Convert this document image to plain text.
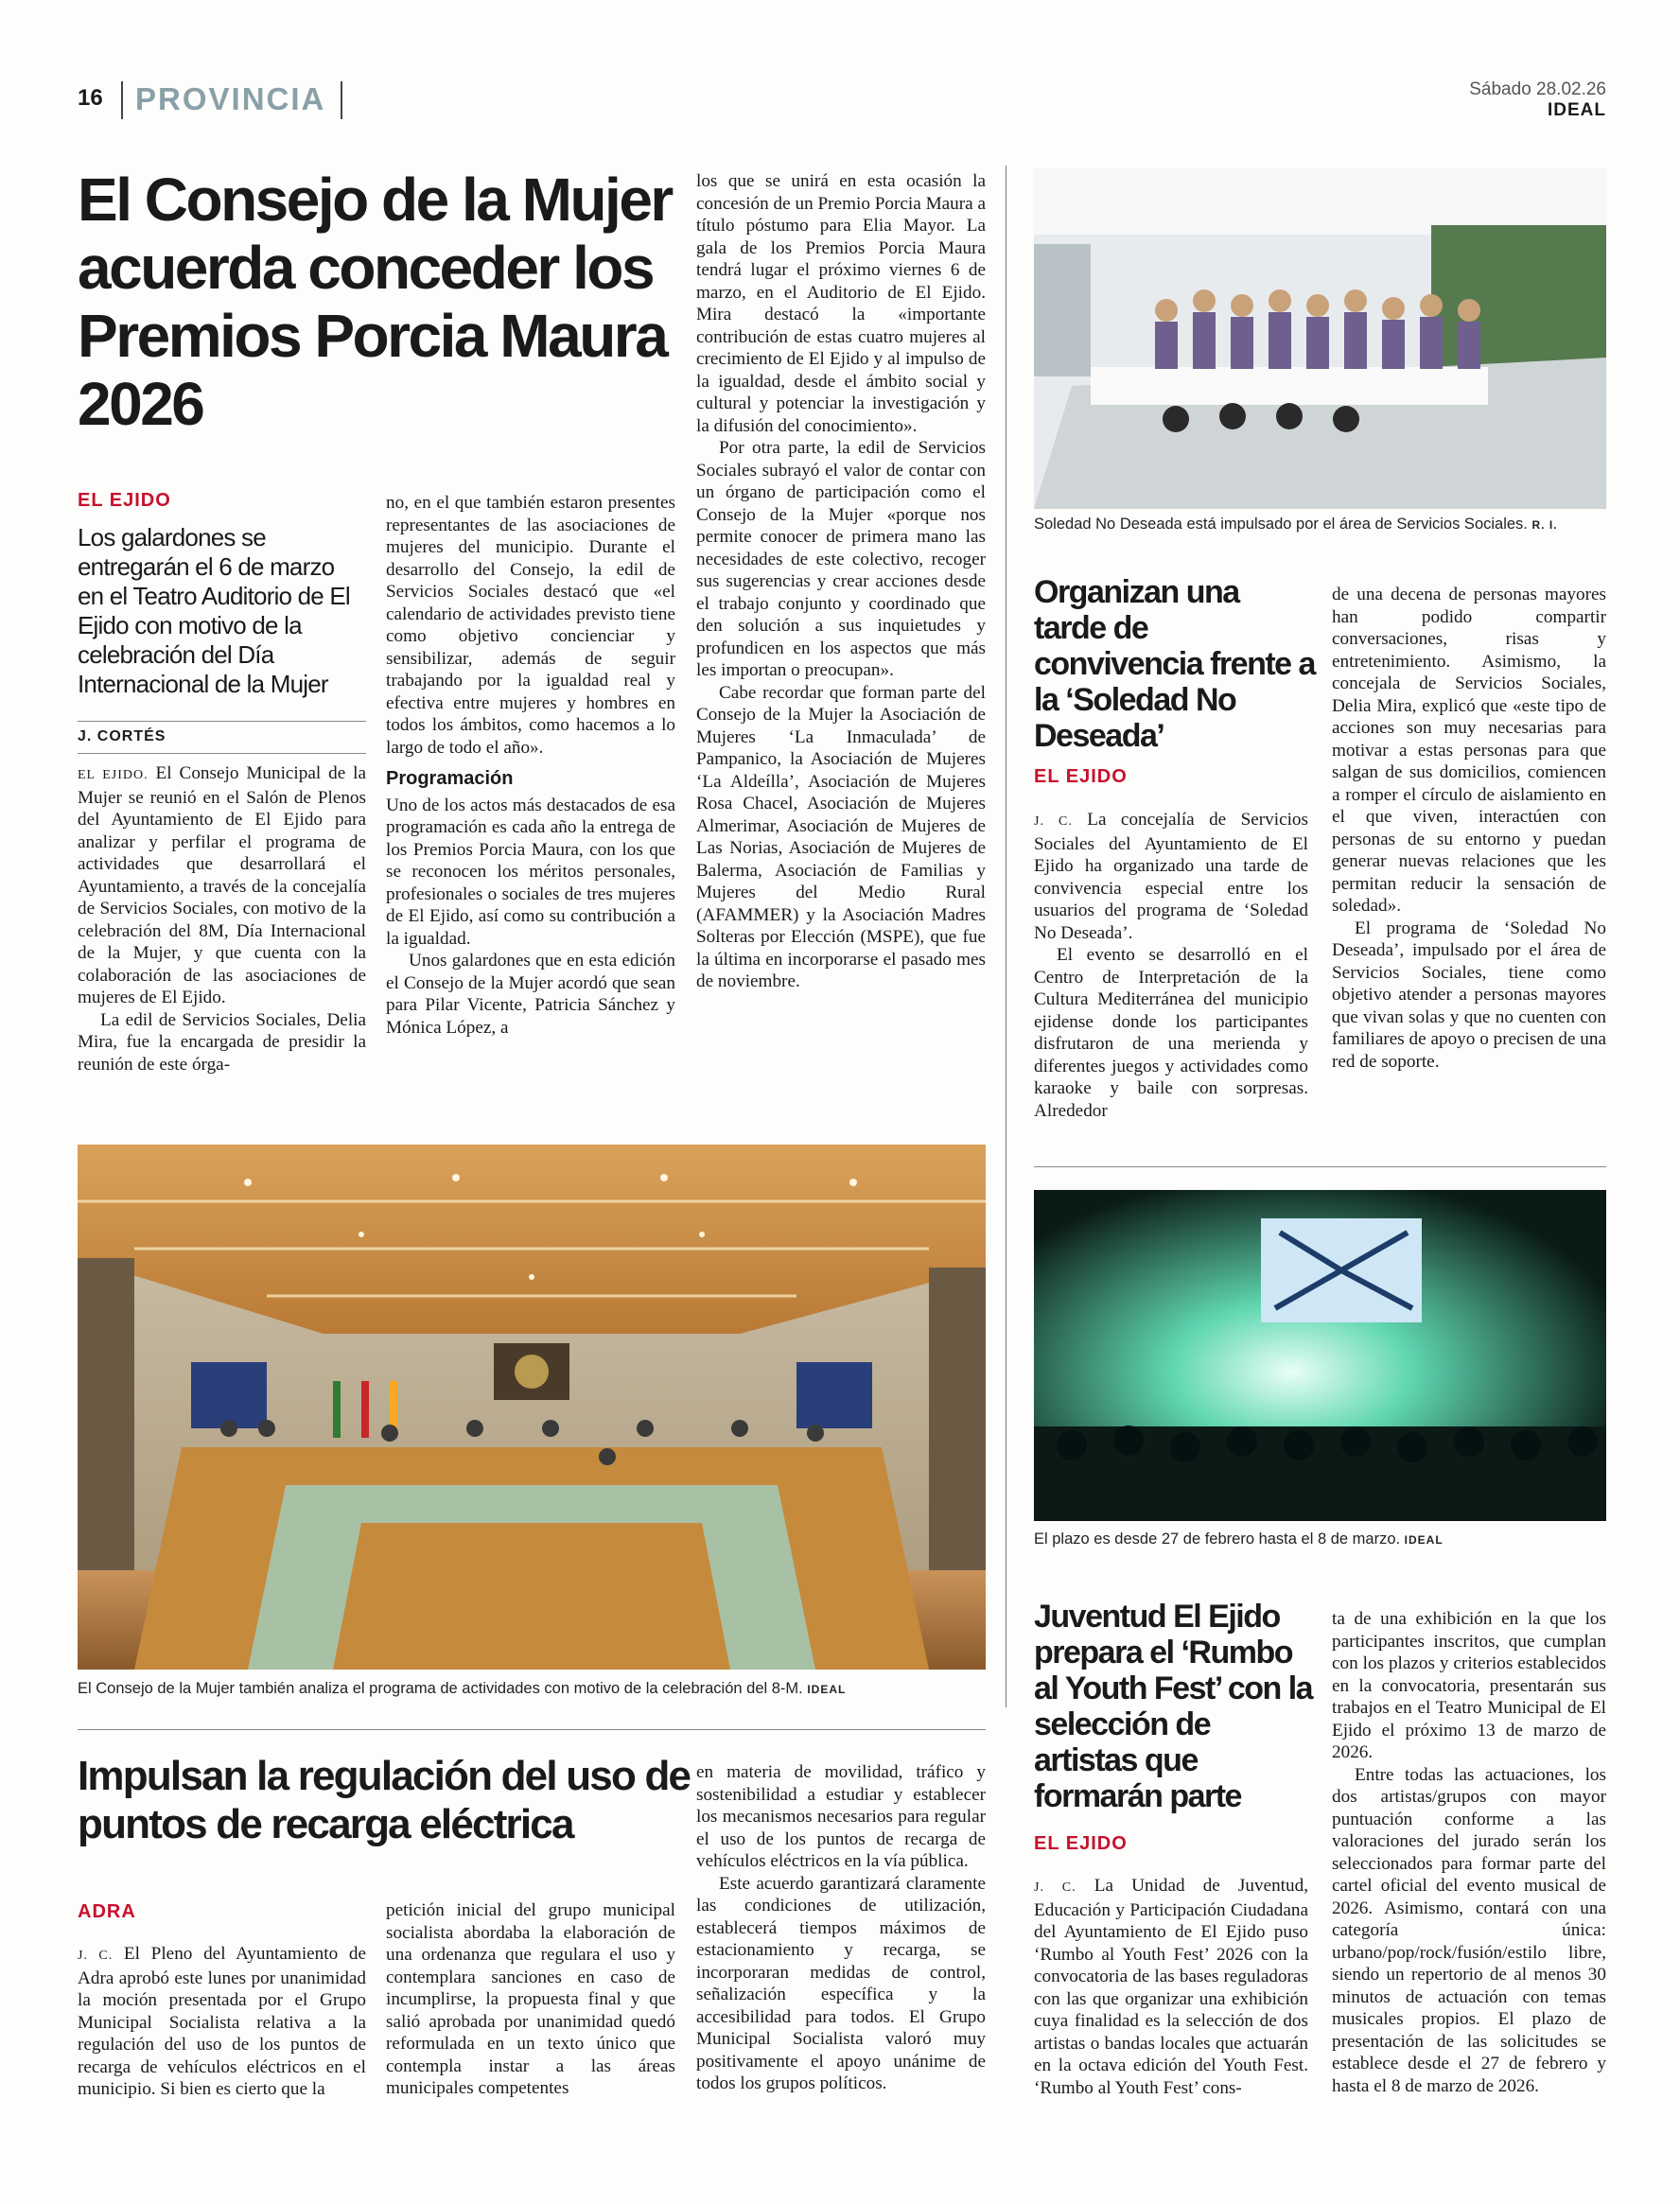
16 PROVINCIA	Sábado 28.02.26
IDEAL
El Consejo de la Mujer acuerda conceder los Premios Porcia Maura 2026
EL EJIDO
Los galardones se entregarán el 6 de marzo en el Teatro Auditorio de El Ejido con motivo de la celebración del Día Internacional de la Mujer
J. CORTÉS

EL EJIDO. El Consejo Municipal de la Mujer se reunió en el Salón de Plenos del Ayuntamiento de El Ejido para analizar y perfilar el programa de actividades que desarrollará el Ayuntamiento, a través de la concejalía de Servicios Sociales, con motivo de la celebración del 8M, Día Internacional de la Mujer, y que cuenta con la colaboración de las asociaciones de mujeres de El Ejido.

La edil de Servicios Sociales, Delia Mira, fue la encargada de presidir la reunión de este órga-

no, en el que también estaron presentes representantes de las asociaciones de mujeres del municipio. Durante el desarrollo del Consejo, la edil de Servicios Sociales destacó que «el calendario de actividades previsto tiene como objetivo concienciar y sensibilizar, además de seguir trabajando por la igualdad real y efectiva entre mujeres y hombres en todos los ámbitos, como hacemos a lo largo de todo el año».

Programación

Uno de los actos más destacados de esa programación es cada año la entrega de los Premios Porcia Maura, con los que se reconocen los méritos personales, profesionales o sociales de tres mujeres de El Ejido, así como su contribución a la igualdad.

Unos galardones que en esta edición el Consejo de la Mujer acordó que sean para Pilar Vicente, Patricia Sánchez y Mónica López, a

los que se unirá en esta ocasión la concesión de un Premio Porcia Maura a título póstumo para Elia Mayor. La gala de los Premios Porcia Maura tendrá lugar el próximo viernes 6 de marzo, en el Auditorio de El Ejido. Mira destacó la «importante contribución de estas cuatro mujeres al crecimiento de El Ejido y al impulso de la igualdad, desde el ámbito social y cultural y potenciar la investigación y la difusión del conocimiento».

Por otra parte, la edil de Servicios Sociales subrayó el valor de contar con un órgano de participación como el Consejo de la Mujer «porque nos permite conocer de primera mano las necesidades de este colectivo, recoger sus sugerencias y crear acciones desde el trabajo conjunto y coordinado que den solución a sus inquietudes y profundicen en los aspectos que más les importan o preocupan».

Cabe recordar que forman parte del Consejo de la Mujer la Asociación de Mujeres ‘La Inmaculada’ de Pampanico, la Asociación de Mujeres ‘La Aldeílla’, Asociación de Mujeres Rosa Chacel, Asociación de Mujeres Almerimar, Asociación de Mujeres de Las Norias, Asociación de Mujeres de Balerma, Asociación de Familias y Mujeres del Medio Rural (AFAMMER) y la Asociación Madres Solteras por Elección (MSPE), que fue la última en incorporarse el pasado mes de noviembre.

El Consejo de la Mujer también analiza el programa de actividades con motivo de la celebración del 8-M. IDEAL
Soledad No Deseada está impulsado por el área de Servicios Sociales. R. I.
Organizan una tarde de convivencia frente a la ‘Soledad No Deseada’
EL EJIDO

J. C. La concejalía de Servicios Sociales del Ayuntamiento de El Ejido ha organizado una tarde de convivencia especial entre los usuarios del programa de ‘Soledad No Deseada’.

El evento se desarrolló en el Centro de Interpretación de la Cultura Mediterránea del municipio ejidense donde los participantes disfrutaron de una merienda y diferentes juegos y actividades como karaoke y baile con sorpresas. Alrededor

de una decena de personas mayores han podido compartir conversaciones, risas y entretenimiento. Asimismo, la concejala de Servicios Sociales, Delia Mira, explicó que «este tipo de acciones son muy necesarias para motivar a estas personas para que salgan de sus domicilios, comiencen a romper el círculo de aislamiento en el que viven, interactúen con personas de su entorno y puedan generar nuevas relaciones que les permitan reducir la sensación de soledad».

El programa de ‘Soledad No Deseada’, impulsado por el área de Servicios Sociales, tiene como objetivo atender a personas mayores que vivan solas y que no cuenten con familiares de apoyo o precisen de una red de soporte.

El plazo es desde 27 de febrero hasta el 8 de marzo. IDEAL
Juventud El Ejido prepara el ‘Rumbo al Youth Fest’ con la selección de artistas que formarán parte
EL EJIDO

J. C. La Unidad de Juventud, Educación y Participación Ciudadana del Ayuntamiento de El Ejido puso ‘Rumbo al Youth Fest’ 2026 con la convocatoria de las bases reguladoras con las que organizar una exhibición cuya finalidad es la selección de dos artistas o bandas locales que actuarán en la octava edición del Youth Fest. ‘Rumbo al Youth Fest’ cons-

ta de una exhibición en la que los participantes inscritos, que cumplan con los plazos y criterios establecidos en la convocatoria, presentarán sus trabajos en el Teatro Municipal de El Ejido el próximo 13 de marzo de 2026.

Entre todas las actuaciones, los dos artistas/grupos con mayor puntuación conforme a las valoraciones del jurado serán los seleccionados para formar parte del cartel oficial del evento musical de 2026. Asimismo, contará con una categoría única: urbano/pop/rock/fusión/estilo libre, siendo un repertorio de al menos 30 minutos de actuación con temas musicales propios. El plazo de presentación de las solicitudes se establece desde el 27 de febrero y hasta el 8 de marzo de 2026.

Impulsan la regulación del uso de puntos de recarga eléctrica
ADRA

J. C. El Pleno del Ayuntamiento de Adra aprobó este lunes por unanimidad la moción presentada por el Grupo Municipal Socialista relativa a la regulación del uso de los puntos de recarga de vehículos eléctricos en el municipio. Si bien es cierto que la

petición inicial del grupo municipal socialista abordaba la elaboración de una ordenanza que regulara el uso y contemplara sanciones en caso de incumplirse, la propuesta final y que salió aprobada por unanimidad quedó reformulada en un texto único que contempla instar a las áreas municipales competentes

en materia de movilidad, tráfico y sostenibilidad a estudiar y establecer los mecanismos necesarios para regular el uso de los puntos de recarga de vehículos eléctricos en la vía pública.

Este acuerdo garantizará claramente las condiciones de utilización, establecerá tiempos máximos de estacionamiento y recarga, se incorporaran medidas de control, señalización específica y la accesibilidad para todos. El Grupo Municipal Socialista valoró muy positivamente el apoyo unánime de todos los grupos políticos.
